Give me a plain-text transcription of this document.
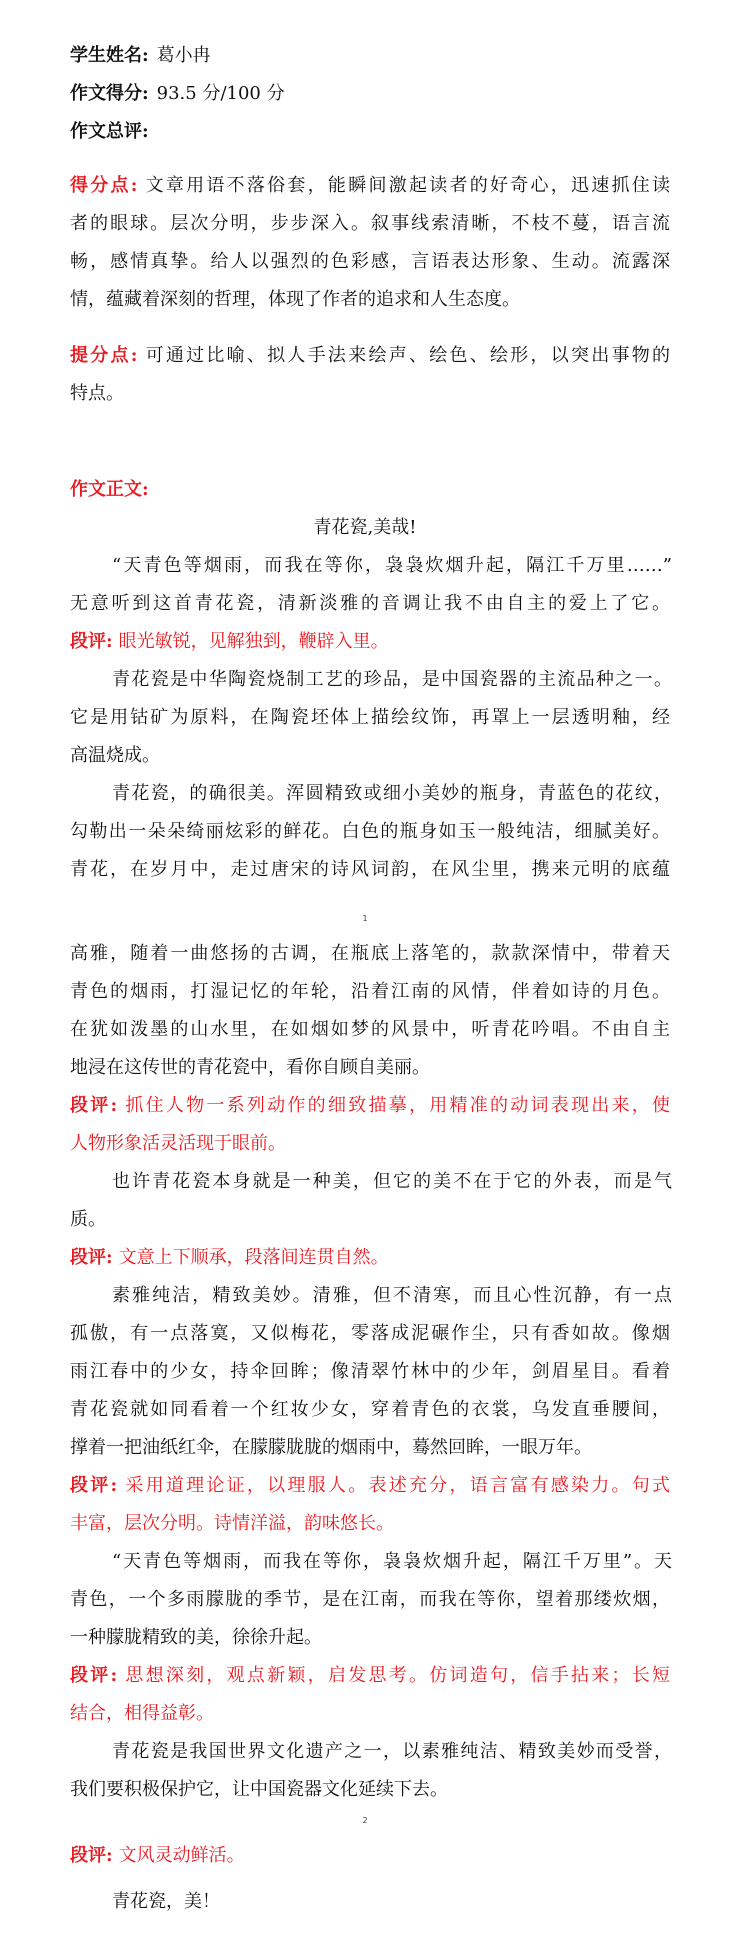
学生姓名: 葛小冉
作文得分: 93.5 分/100 分
作文总评:
得分点: 文章用语不落俗套，能瞬间激起读者的好奇心，迅速抓住读
者的眼球。层次分明，步步深入。叙事线索清晰，不枝不蔓，语言流
畅，感情真挚。给人以强烈的色彩感，言语表达形象、生动。流露深
情，蕴藏着深刻的哲理，体现了作者的追求和人生态度。
提分点: 可通过比喻、拟人手法来绘声、绘色、绘形，以突出事物的
特点。
作文正文:
青花瓷,美哉!
“天青色等烟雨，而我在等你，袅袅炊烟升起，隔江千万里……”
无意听到这首青花瓷，清新淡雅的音调让我不由自主的爱上了它。
段评: 眼光敏锐，见解独到，鞭辟入里。
青花瓷是中华陶瓷烧制工艺的珍品，是中国瓷器的主流品种之一。
它是用钴矿为原料，在陶瓷坯体上描绘纹饰，再罩上一层透明釉，经
高温烧成。
青花瓷，的确很美。浑圆精致或细小美妙的瓶身，青蓝色的花纹，
勾勒出一朵朵绮丽炫彩的鲜花。白色的瓶身如玉一般纯洁，细腻美好。
青花，在岁月中，走过唐宋的诗风词韵，在风尘里，携来元明的底蕴
1
高雅，随着一曲悠扬的古调，在瓶底上落笔的，款款深情中，带着天
青色的烟雨，打湿记忆的年轮，沿着江南的风情，伴着如诗的月色。
在犹如泼墨的山水里，在如烟如梦的风景中，听青花吟唱。不由自主
地浸在这传世的青花瓷中，看你自顾自美丽。
段评: 抓住人物一系列动作的细致描摹，用精准的动词表现出来，使
人物形象活灵活现于眼前。
也许青花瓷本身就是一种美，但它的美不在于它的外表，而是气
质。
段评: 文意上下顺承，段落间连贯自然。
素雅纯洁，精致美妙。清雅，但不清寒，而且心性沉静，有一点
孤傲，有一点落寞，又似梅花，零落成泥碾作尘，只有香如故。像烟
雨江春中的少女，持伞回眸；像清翠竹林中的少年，剑眉星目。看着
青花瓷就如同看着一个红妆少女，穿着青色的衣裳，乌发直垂腰间，
撑着一把油纸红伞，在朦朦胧胧的烟雨中，蓦然回眸，一眼万年。
段评: 采用道理论证，以理服人。表述充分，语言富有感染力。句式
丰富，层次分明。诗情洋溢，韵味悠长。
“天青色等烟雨，而我在等你，袅袅炊烟升起，隔江千万里”。天
青色，一个多雨朦胧的季节，是在江南，而我在等你，望着那缕炊烟，
一种朦胧精致的美，徐徐升起。
段评: 思想深刻，观点新颖，启发思考。仿词造句，信手拈来；长短
结合，相得益彰。
青花瓷是我国世界文化遗产之一，以素雅纯洁、精致美妙而受誉，
我们要积极保护它，让中国瓷器文化延续下去。
2
段评: 文风灵动鲜活。
青花瓷，美！
